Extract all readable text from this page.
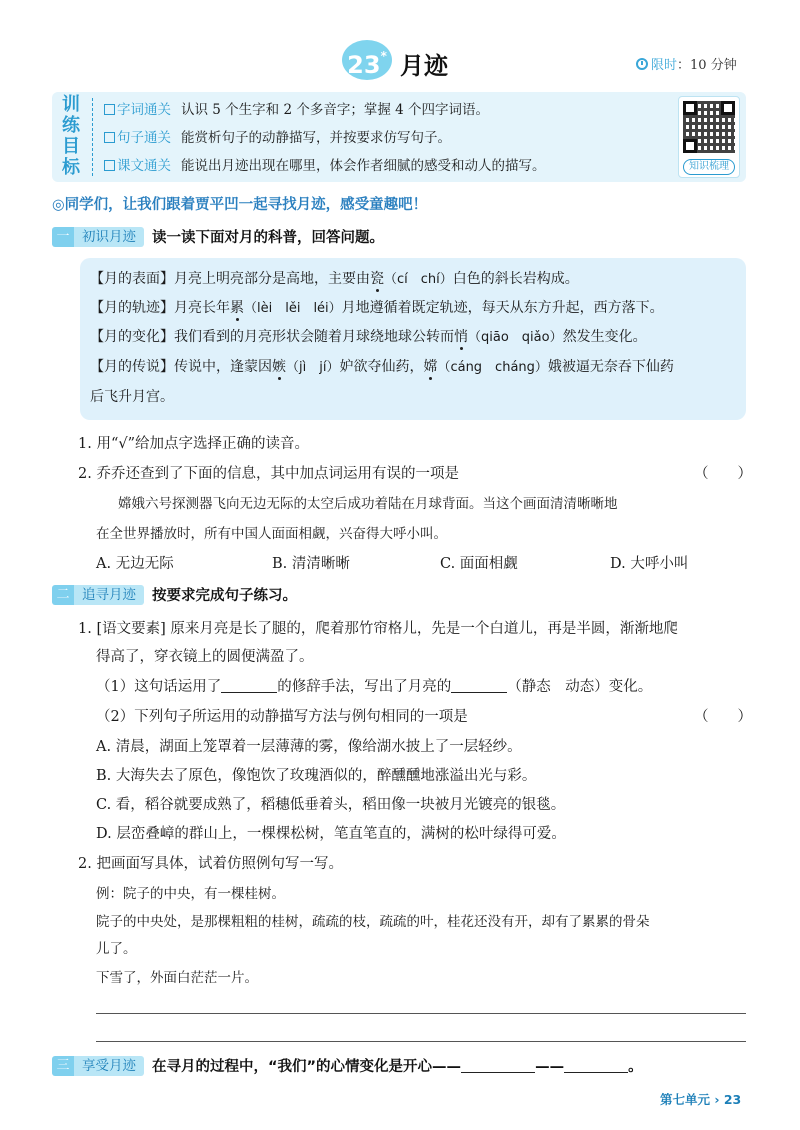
23* 月迹	限时：10 分钟
训
练
目
标
字词通关 认识 5 个生字和 2 个多音字；掌握 4 个四字词语。
句子通关 能赏析句子的动静描写，并按要求仿写句子。
课文通关 能说出月迹出现在哪里，体会作者细腻的感受和动人的描写。	知识梳理
◎同学们，让我们跟着贾平凹一起寻找月迹，感受童趣吧！
一 初识月迹 读一读下面对月的科普，回答问题。

【月的表面】月亮上明亮部分是高地，主要由瓷（cí　chí）白色的斜长岩构成。

【月的轨迹】月亮长年累（lèi　lěi　léi）月地遵循着既定轨迹，每天从东方升起，西方落下。

【月的变化】我们看到的月亮形状会随着月球绕地球公转而悄（qiāo　qiǎo）然发生变化。

【月的传说】传说中，逢蒙因嫉（jì　jí）妒欲夺仙药，嫦（cáng　cháng）娥被逼无奈吞下仙药

后飞升月宫。

1. 用“√”给加点字选择正确的读音。
2. 乔乔还查到了下面的信息，其中加点词运用有误的一项是	（　　）
嫦娥六号探测器飞向无边无际的太空后成功着陆在月球背面。当这个画面清清晰晰地
在全世界播放时，所有中国人面面相觑，兴奋得大呼小叫。
A. 无边无际	B. 清清晰晰	C. 面面相觑	D. 大呼小叫
二 追寻月迹 按要求完成句子练习。
1. [语文要素] 原来月亮是长了腿的，爬着那竹帘格儿，先是一个白道儿，再是半圆，渐渐地爬
得高了，穿衣镜上的圆便满盈了。
（1）这句话运用了	的修辞手法，写出了月亮的	（静态　动态）变化。
（2）下列句子所运用的动静描写方法与例句相同的一项是	（　　）
A. 清晨，湖面上笼罩着一层薄薄的雾，像给湖水披上了一层轻纱。
B. 大海失去了原色，像饱饮了玫瑰酒似的，醉醺醺地涨溢出光与彩。
C. 看，稻谷就要成熟了，稻穗低垂着头，稻田像一块被月光镀亮的银毯。
D. 层峦叠嶂的群山上，一棵棵松树，笔直笔直的，满树的松叶绿得可爱。
2. 把画面写具体，试着仿照例句写一写。
例：院子的中央，有一棵桂树。
院子的中央处，是那棵粗粗的桂树，疏疏的枝，疏疏的叶，桂花还没有开，却有了累累的骨朵
儿了。
下雪了，外面白茫茫一片。
三 享受月迹 在寻月的过程中，“我们”的心情变化是开心——	——	。
第七单元 › 23
